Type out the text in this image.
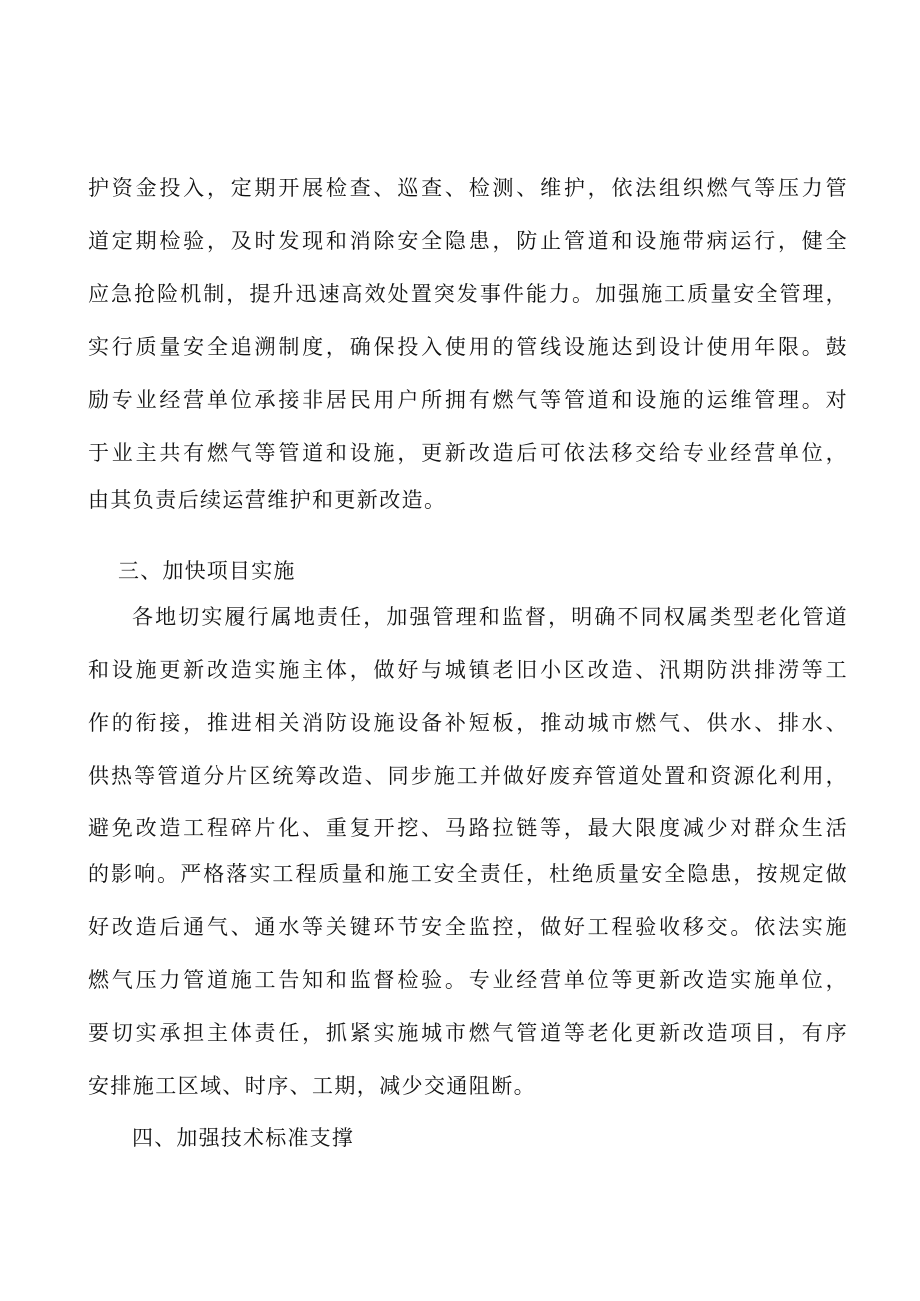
护资金投入，定期开展检查、巡查、检测、维护，依法组织燃气等压力管
道定期检验，及时发现和消除安全隐患，防止管道和设施带病运行，健全
应急抢险机制，提升迅速高效处置突发事件能力。加强施工质量安全管理，
实行质量安全追溯制度，确保投入使用的管线设施达到设计使用年限。鼓
励专业经营单位承接非居民用户所拥有燃气等管道和设施的运维管理。对
于业主共有燃气等管道和设施，更新改造后可依法移交给专业经营单位，
由其负责后续运营维护和更新改造。
三、加快项目实施
各地切实履行属地责任，加强管理和监督，明确不同权属类型老化管道
和设施更新改造实施主体，做好与城镇老旧小区改造、汛期防洪排涝等工
作的衔接，推进相关消防设施设备补短板，推动城市燃气、供水、排水、
供热等管道分片区统筹改造、同步施工并做好废弃管道处置和资源化利用，
避免改造工程碎片化、重复开挖、马路拉链等，最大限度减少对群众生活
的影响。严格落实工程质量和施工安全责任，杜绝质量安全隐患，按规定做
好改造后通气、通水等关键环节安全监控，做好工程验收移交。依法实施
燃气压力管道施工告知和监督检验。专业经营单位等更新改造实施单位，
要切实承担主体责任，抓紧实施城市燃气管道等老化更新改造项目，有序
安排施工区域、时序、工期，减少交通阻断。
四、加强技术标准支撑
